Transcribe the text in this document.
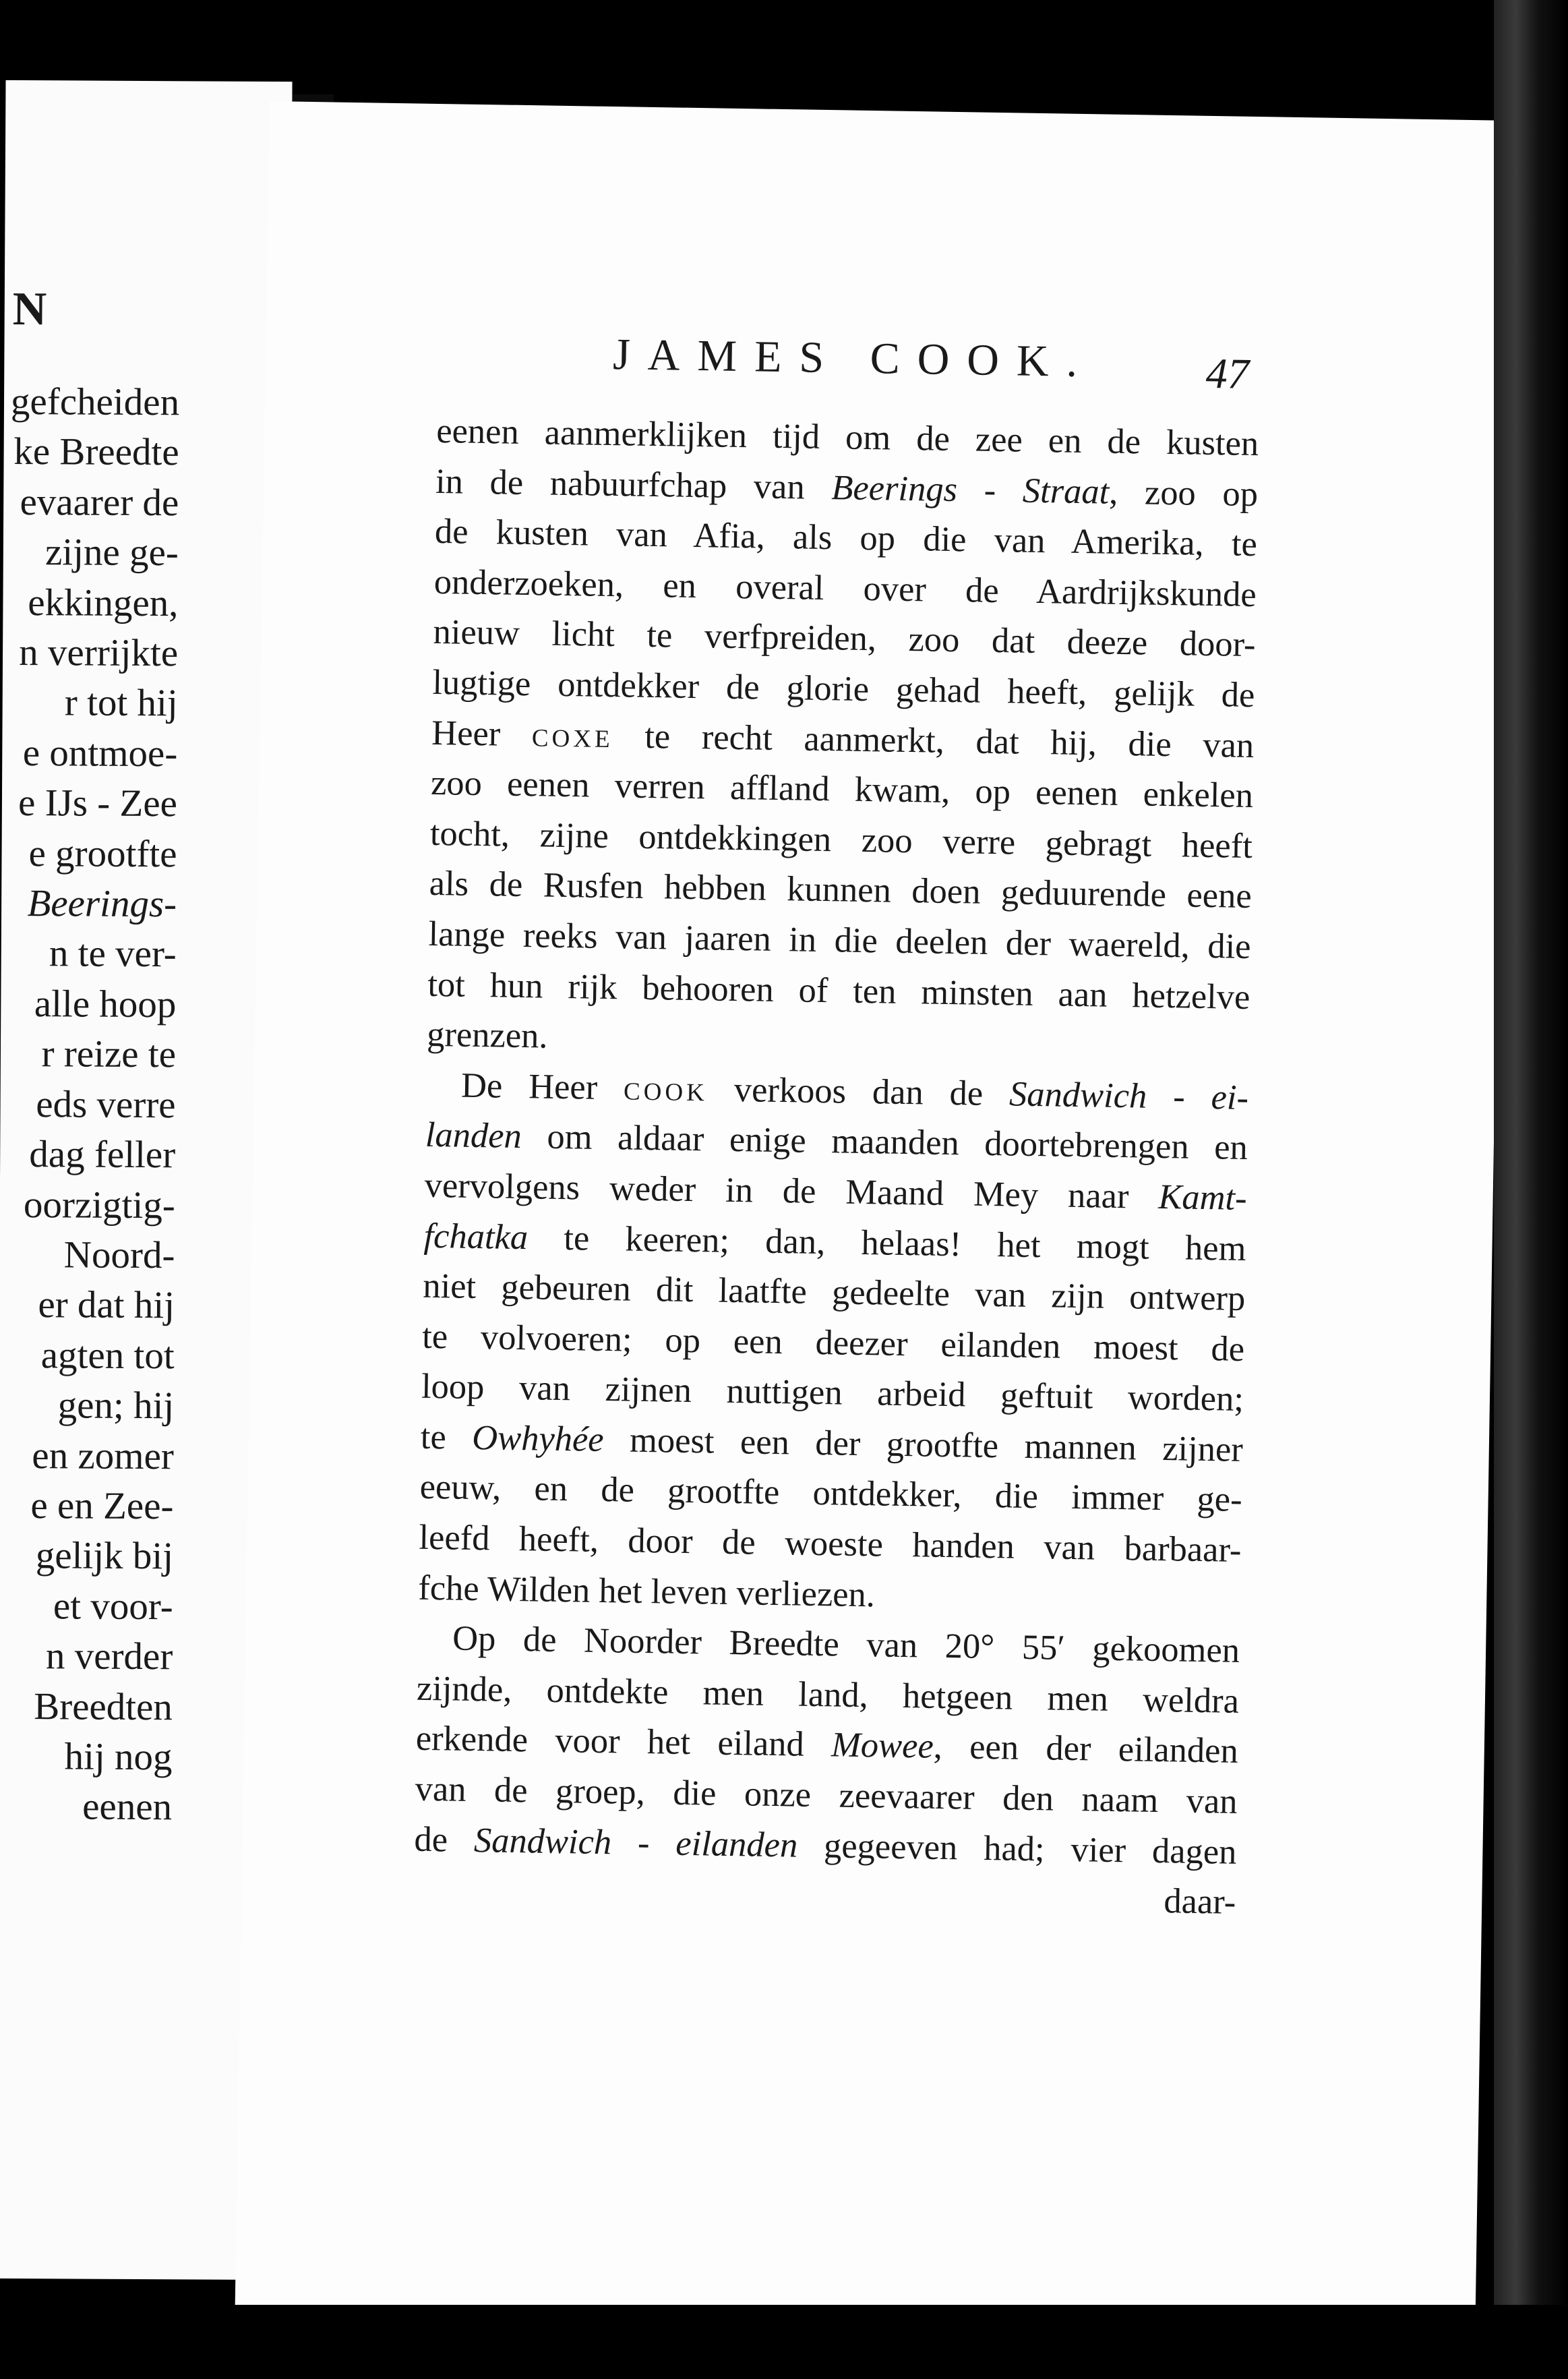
N
gefcheiden
ke Breedte
evaarer de
zijne ge-
ekkingen,
n verrijkte
r tot hij
e ontmoe-
e IJs - Zee
e grootfte
Beerings-
n te ver-
alle hoop
r reize te
eds verre
dag feller
oorzigtig-
Noord-
er dat hij
agten tot
gen; hij
en zomer
e en Zee-
gelijk bij
et voor-
n verder
Breedten
hij nog
eenen
JAMES COOK.	47
eenen aanmerklijken tijd om de zee en de kusten
in de nabuurfchap van Beerings - Straat, zoo op
de kusten van Afia, als op die van Amerika, te
onderzoeken, en overal over de Aardrijkskunde
nieuw licht te verfpreiden, zoo dat deeze door-
lugtige ontdekker de glorie gehad heeft, gelijk de
Heer coxe te recht aanmerkt, dat hij, die van
zoo eenen verren affland kwam, op eenen enkelen
tocht, zijne ontdekkingen zoo verre gebragt heeft
als de Rusfen hebben kunnen doen geduurende eene
lange reeks van jaaren in die deelen der waereld, die
tot hun rijk behooren of ten minsten aan hetzelve
grenzen.
De Heer cook verkoos dan de Sandwich - ei-
landen om aldaar enige maanden doortebrengen en
vervolgens weder in de Maand Mey naar Kamt-
fchatka te keeren; dan, helaas! het mogt hem
niet gebeuren dit laatfte gedeelte van zijn ontwerp
te volvoeren; op een deezer eilanden moest de
loop van zijnen nuttigen arbeid geftuit worden;
te Owhyhée moest een der grootfte mannen zijner
eeuw, en de grootfte ontdekker, die immer ge-
leefd heeft, door de woeste handen van barbaar-
fche Wilden het leven verliezen.
Op de Noorder Breedte van 20° 55′ gekoomen
zijnde, ontdekte men land, hetgeen men weldra
erkende voor het eiland Mowee, een der eilanden
van de groep, die onze zeevaarer den naam van
de Sandwich - eilanden gegeeven had; vier dagen
daar-
